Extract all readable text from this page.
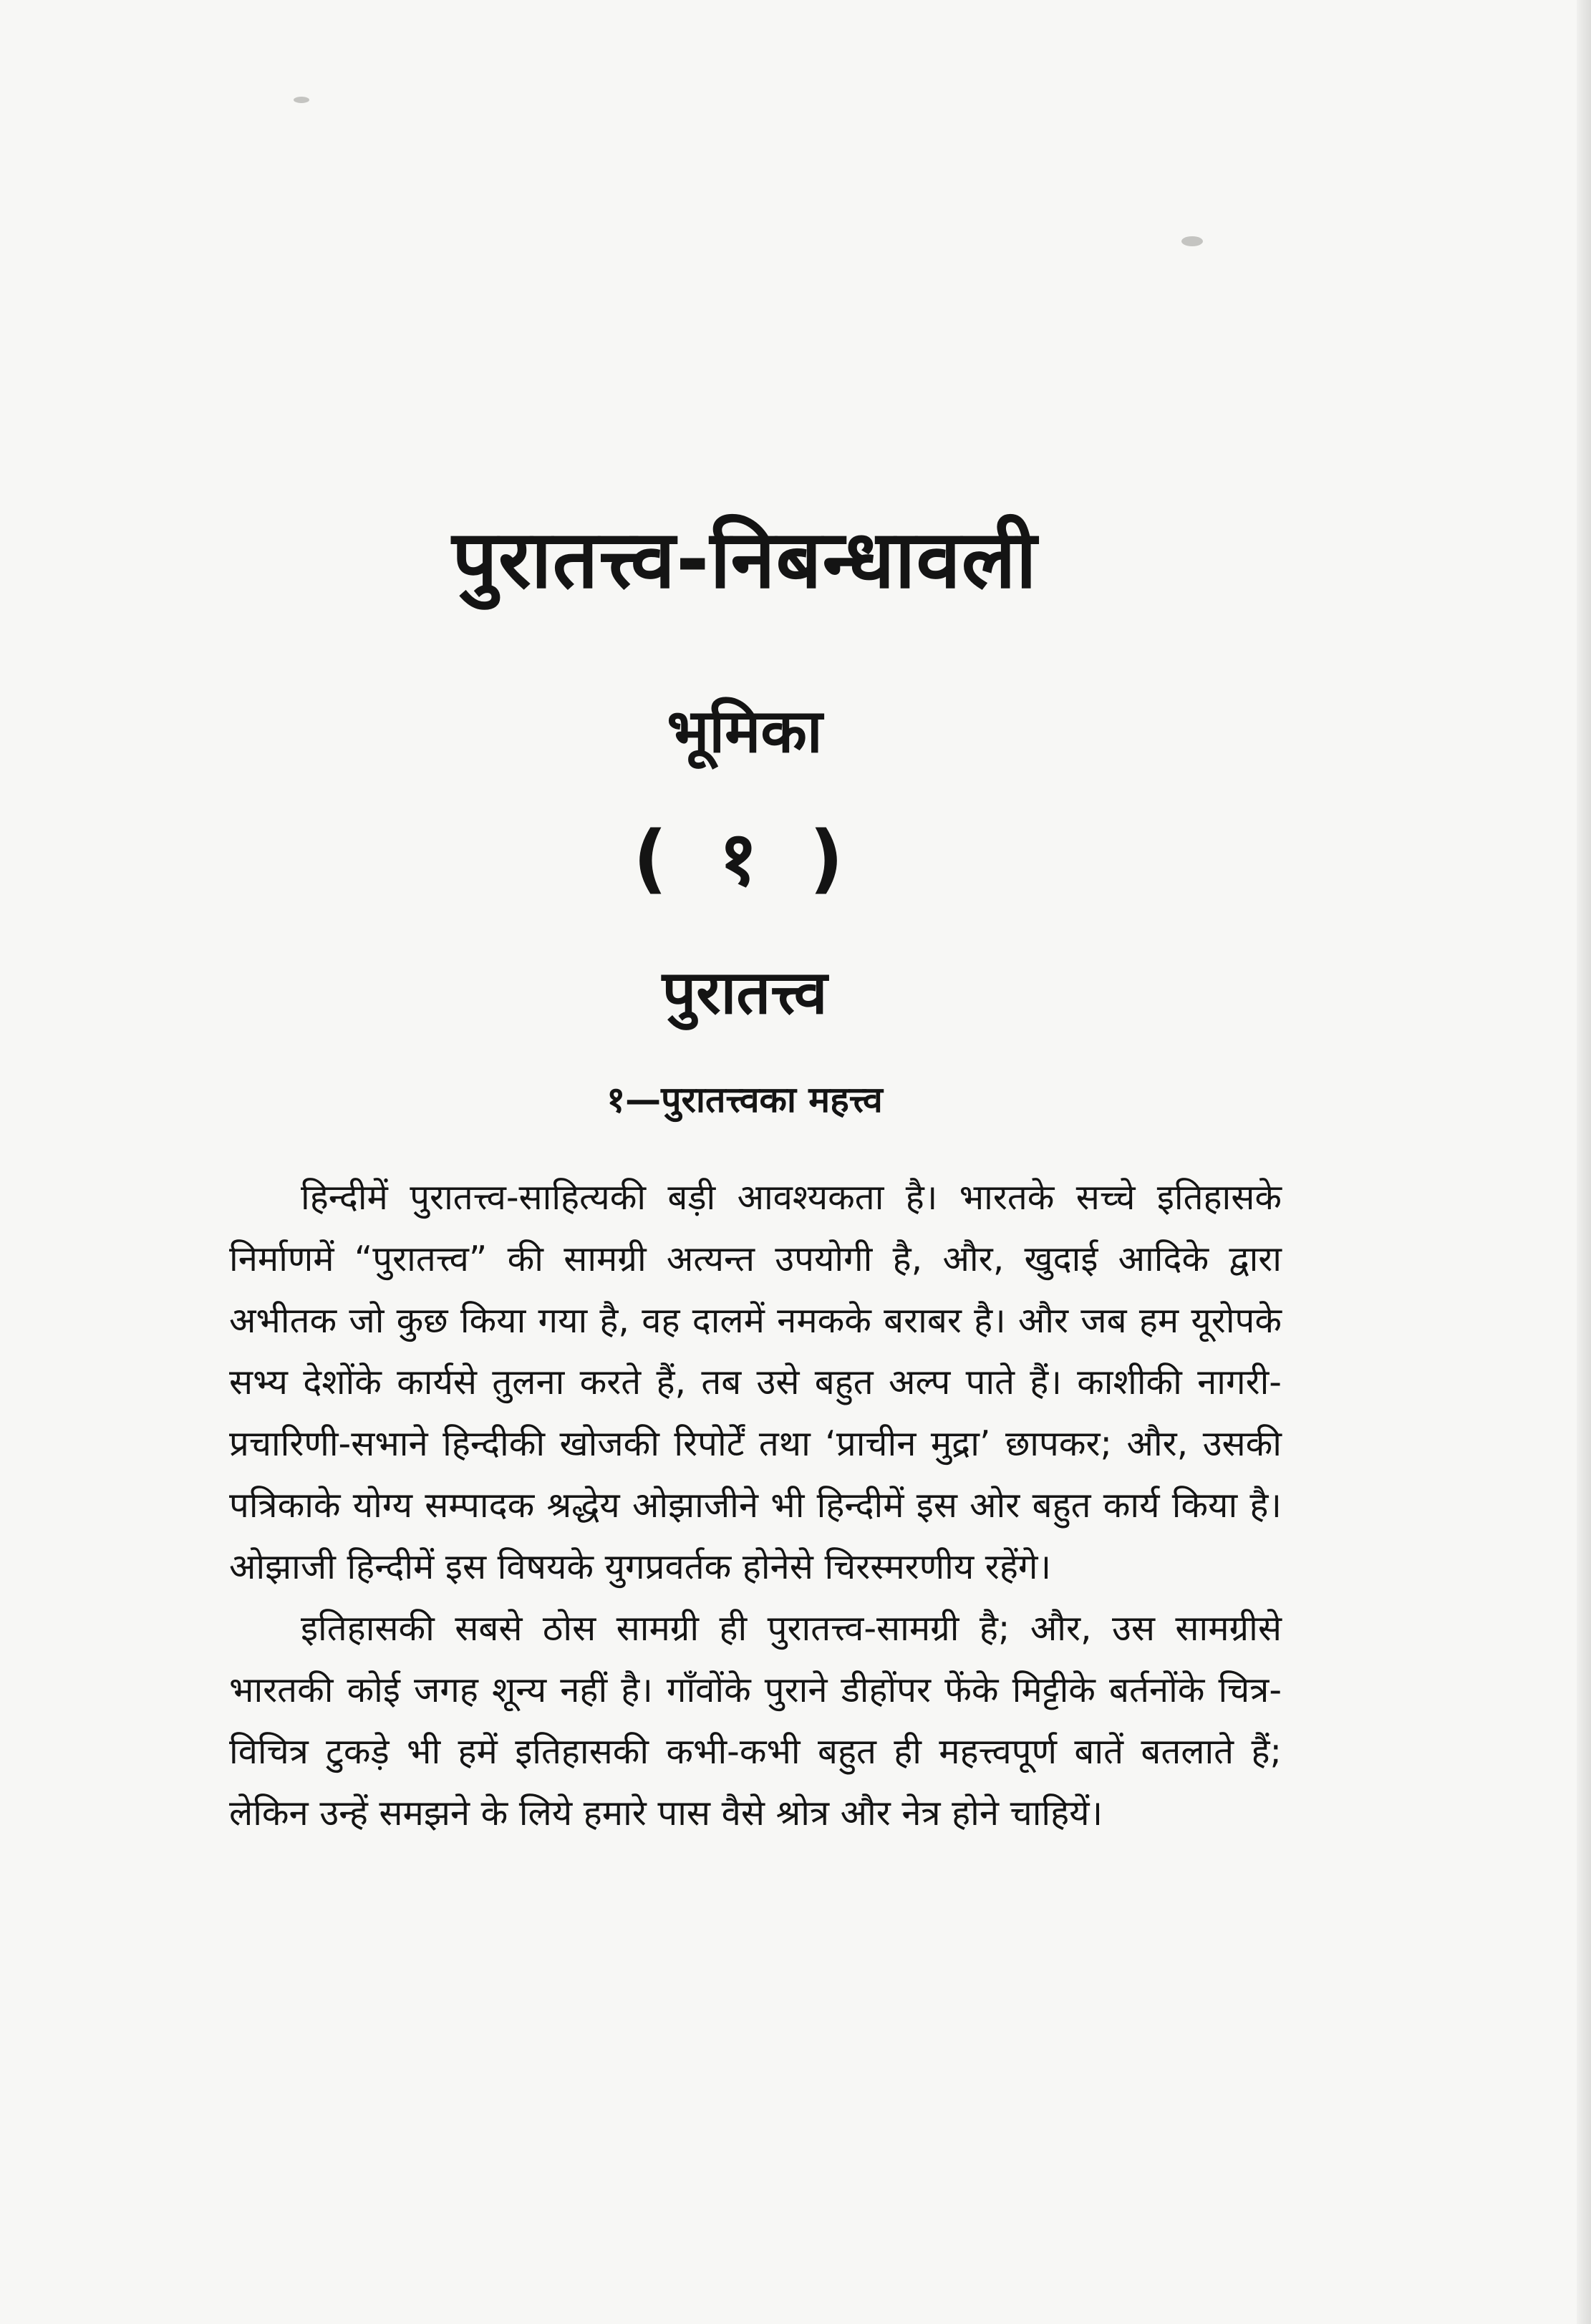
पुरातत्त्व-निबन्धावली
भूमिका
( १ )
पुरातत्त्व
१—पुरातत्त्वका महत्त्व

हिन्दीमें पुरातत्त्व-साहित्यकी बड़ी आवश्यकता है। भारतके सच्चे इतिहासके निर्माणमें “पुरातत्त्व” की सामग्री अत्यन्त उपयोगी है, और, खुदाई आदिके द्वारा अभीतक जो कुछ किया गया है, वह दालमें नमकके बराबर है। और जब हम यूरोपके सभ्य देशोंके कार्यसे तुलना करते हैं, तब उसे बहुत अल्प पाते हैं। काशीकी नागरी-प्रचारिणी-सभाने हिन्दीकी खोजकी रिपोर्टें तथा ‘प्राचीन मुद्रा’ छापकर; और, उसकी पत्रिकाके योग्य सम्पादक श्रद्धेय ओझाजीने भी हिन्दीमें इस ओर बहुत कार्य किया है। ओझाजी हिन्दीमें इस विषयके युगप्रवर्तक होनेसे चिरस्मरणीय रहेंगे।

इतिहासकी सबसे ठोस सामग्री ही पुरातत्त्व-सामग्री है; और, उस सामग्रीसे भारतकी कोई जगह शून्य नहीं है। गाँवोंके पुराने डीहोंपर फेंके मिट्टीके बर्तनोंके चित्र-विचित्र टुकड़े भी हमें इतिहासकी कभी-कभी बहुत ही महत्त्वपूर्ण बातें बतलाते हैं; लेकिन उन्हें समझने के लिये हमारे पास वैसे श्रोत्र और नेत्र होने चाहियें।
